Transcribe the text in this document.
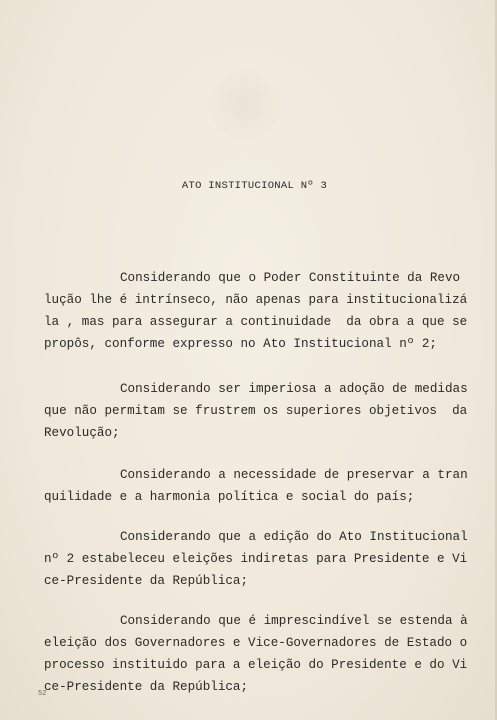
ATO INSTITUCIONAL Nº 3
Considerando que o Poder Constituinte da Revo
lução lhe é intrínseco, não apenas para institucionalizá
la , mas para assegurar a continuidade  da obra a que se
propôs, conforme expresso no Ato Institucional nº 2;
Considerando ser imperiosa a adoção de medidas
que não permitam se frustrem os superiores objetivos  da
Revolução;
Considerando a necessidade de preservar a tran
quilidade e a harmonia política e social do país;
Considerando que a edição do Ato Institucional
nº 2 estabeleceu eleições indiretas para Presidente e Vi
ce-Presidente da República;
Considerando que é imprescindível se estenda à
eleição dos Governadores e Vice-Governadores de Estado o
processo instituido para a eleição do Presidente e do Vi
ce-Presidente da República;
52
